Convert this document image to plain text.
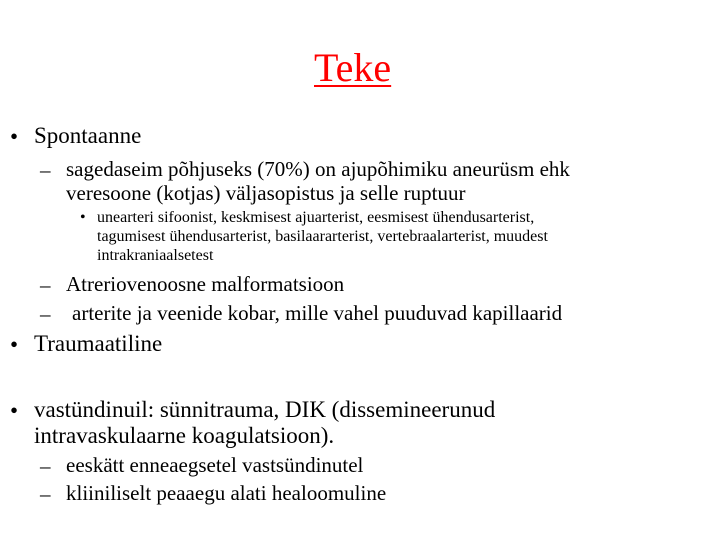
Teke
• Spontaanne
– sagedaseim põhjuseks (70%) on ajupõhimiku aneurüsm ehk
veresoone (kotjas) väljasopistus ja selle ruptuur
• unearteri sifoonist, keskmisest ajuarterist, eesmisest ühendusarterist,
tagumisest ühendusarterist, basilaararterist, vertebraalarterist, muudest
intrakraniaalsetest
– Atreriovenoosne malformatsioon
– arterite ja veenide kobar, mille vahel puuduvad kapillaarid
• Traumaatiline
• vastündinuil: sünnitrauma, DIK (dissemineerunud
intravaskulaarne koagulatsioon).
– eeskätt enneaegsetel vastsündinutel
– kliiniliselt peaaegu alati healoomuline
